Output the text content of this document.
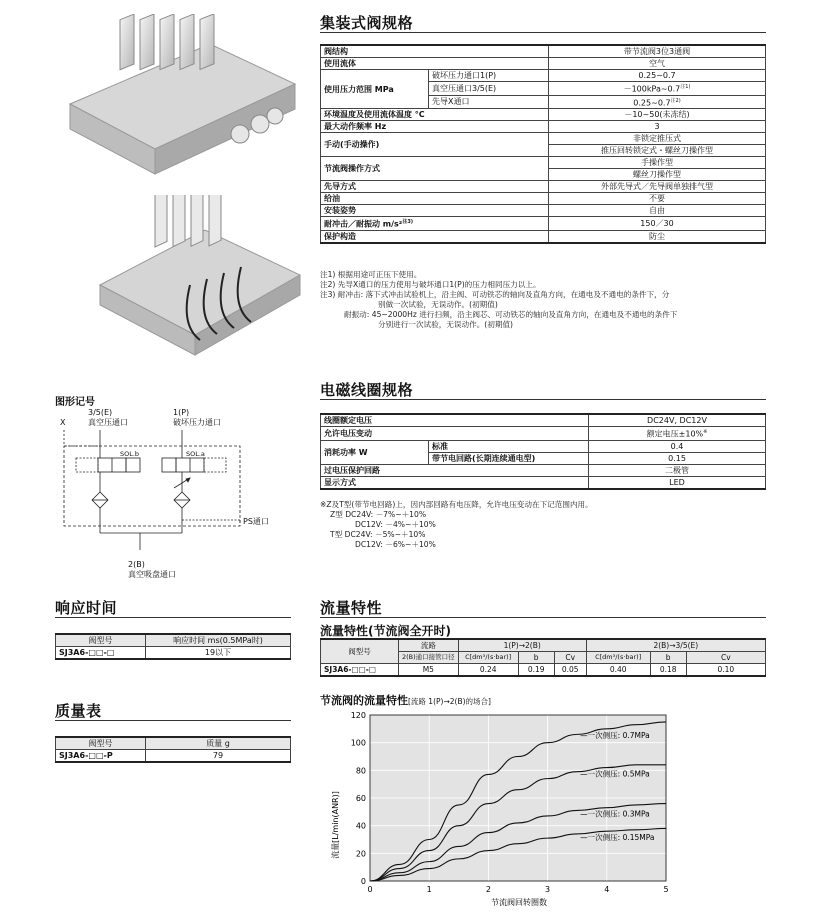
集装式阀规格
阀结构		带节流阀3位3通阀
使用流体		空气
使用压力范围 MPa	破坏压力通口1(P)	0.25~0.7
	真空压通口3/5(E)	$-100kPa\sim 0.7^{注1)}$
	先导X通口	0.25~0.7$^{注2)}$
环境温度及使用流体温度 °C		－10~50(未冻结)
最大动作频率 Hz		3
手动(手动操作)		非锁定推压式
		推压回转锁定式・螺丝刀操作型
节流阀操作方式		手操作型
		螺丝刀操作型
先导方式		外部先导式／先导阀单独排气型
给油		不要
安装姿势		自由
耐冲击／耐振动 m/s²$^{注3)}$		150／30
保护构造		防尘
注1) 根据用途可正压下使用。
注2) 先导X通口的压力使用与破坏通口1(P)的压力相同压力以上。
注3) 耐冲击: 落下式冲击试验机上，沿主阀、可动铁芯的轴向及直角方向，在通电及不通电的条件下，分
别做一次试验，无误动作。(初期值)
耐振动: 45~2000Hz 进行扫频，沿主阀芯、可动铁芯的轴向及直角方向，在通电及不通电的条件下
分别进行一次试验，无误动作。(初期值)
图形记号
3/5(E)
真空压通口
1(P)
破坏压力通口
X
SOL.b	SOL.a
PS通口
2(B)
真空吸盘通口
电磁线圈规格
线圈额定电压		DC24V, DC12V
允许电压变动		额定电压±10%※
消耗功率 W	标准	0.4
	带节电回路(长期连续通电型)	0.15
过电压保护回路		二极管
显示方式		LED
※Z及T型(带节电回路)上，因内部回路有电压降，允许电压变动在下记范围内用。
Z型 DC24V: －7%~＋10%
DC12V: －4%~＋10%
T型 DC24V: －5%~＋10%
DC12V: －6%~＋10%
响应时间
阀型号	响应时间 ms(0.5MPa时)
SJ3A6-□□-□	19以下
质量表
阀型号	质量 g
SJ3A6-□□-P	79
流量特性
流量特性(节流阀全开时)
阀型号	流路	1(P)→2(B)			2(B)→3/5(E)		
	2(B)通口接管口径	C[dm³/(s·bar)]	b	Cv	C[dm³/(s·bar)]	b	Cv
SJ3A6-□□-□	M5	0.24	0.19	0.05	0.40	0.18	0.10
节流阀的流量特性[流路 1(P)→2(B)的场合]
流量[L/min(ANR)]
节流阀回转圈数
0	1	2	3	4	5
20
40
60
80
100
120
0
—一次侧压: 0.7MPa
—一次侧压: 0.5MPa
—一次侧压: 0.3MPa
—一次侧压: 0.15MPa
